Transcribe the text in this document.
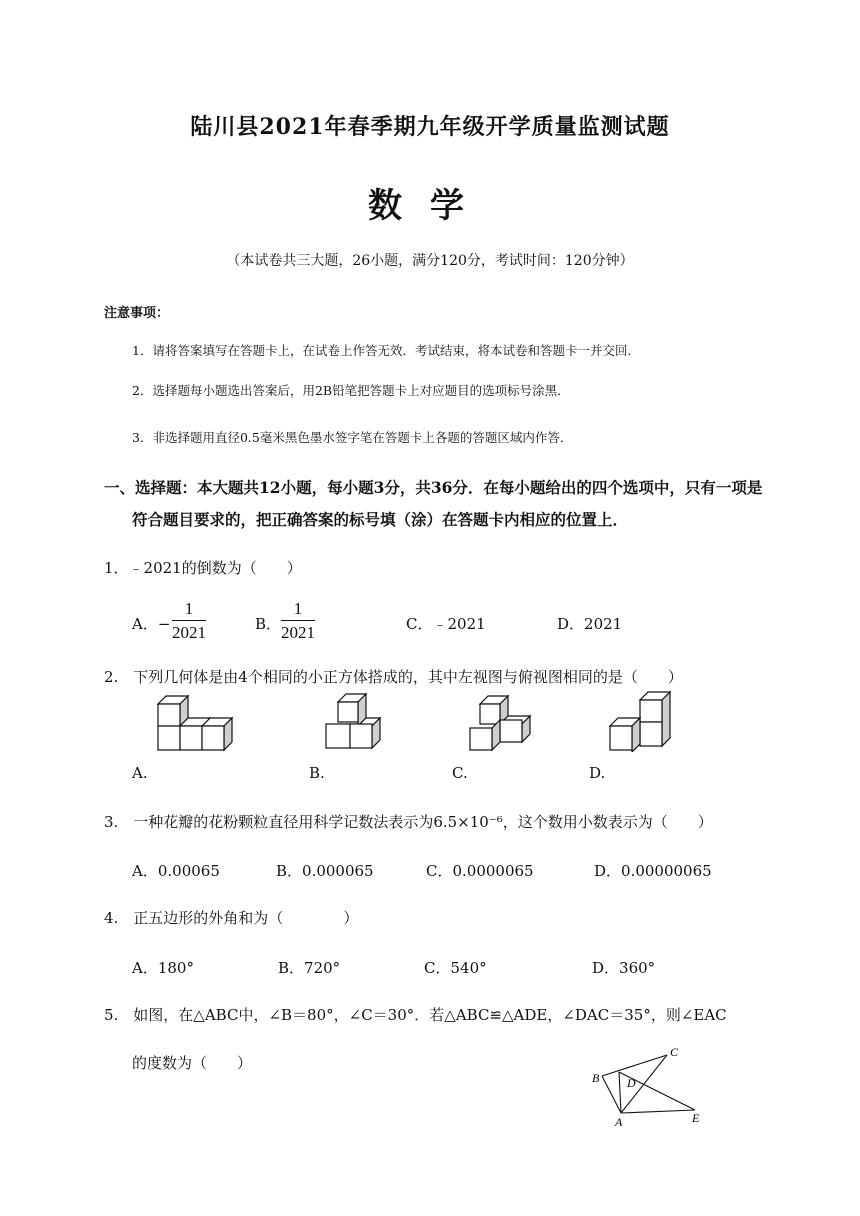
陆川县2021年春季期九年级开学质量监测试题
数学
（本试卷共三大题，26小题，满分120分，考试时间：120分钟）
注意事项：
1．请将答案填写在答题卡上，在试卷上作答无效．考试结束，将本试卷和答题卡一并交回．
2．选择题每小题选出答案后，用2B铅笔把答题卡上对应题目的选项标号涂黑．
3．非选择题用直径0.5毫米黑色墨水签字笔在答题卡上各题的答题区域内作答．
一、选择题：本大题共12小题，每小题3分，共36分．在每小题给出的四个选项中，只有一项是
符合题目要求的，把正确答案的标号填（涂）在答题卡内相应的位置上．
1．﹣2021的倒数为（　　）
A．− $\frac{1}{2021}$	B． $\frac{1}{2021}$	C．﹣2021	D．2021
2.　下列几何体是由4个相同的小正方体搭成的，其中左视图与俯视图相同的是（　　）
A.	B.	C.	D.
3.　一种花瓣的花粉颗粒直径用科学记数法表示为6.5×10⁻⁶，这个数用小数表示为（　　）
A．0.00065	B．0.000065	C．0.0000065	D．0.00000065
4.　正五边形的外角和为（　　　　）
A．180°	B．720°	C．540°	D．360°
5.　如图，在△ABC中，∠B＝80°，∠C＝30°．若△ABC≌△ADE，∠DAC＝35°，则∠EAC
的度数为（　　）
C
B D
A	E
